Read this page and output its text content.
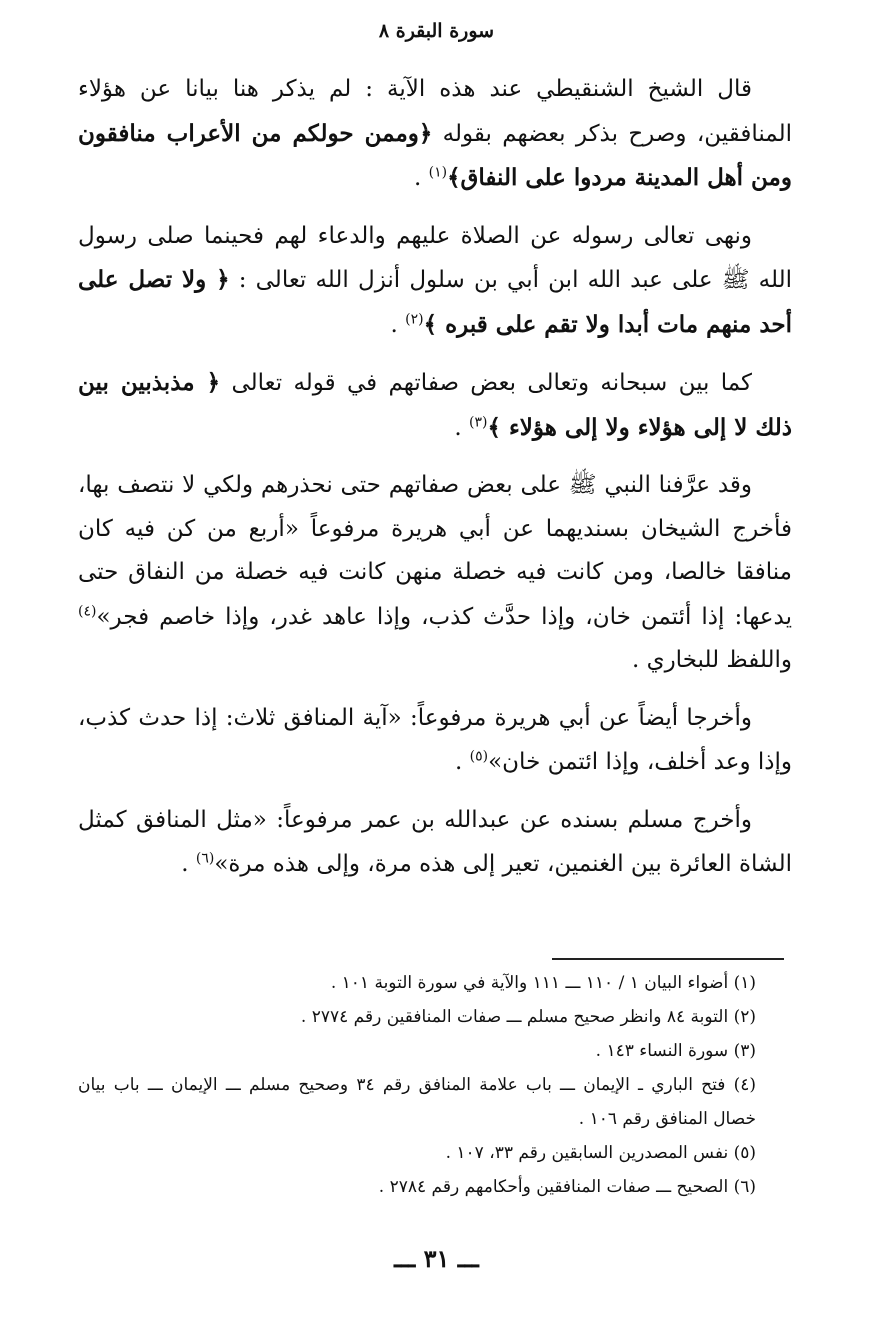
سورة البقرة ٨

قال الشيخ الشنقيطي عند هذه الآية : لم يذكر هنا بيانا عن هؤلاء المنافقين، وصرح بذكر بعضهم بقوله ﴿وممن حولكم من الأعراب منافقون ومن أهل المدينة مردوا على النفاق﴾$^{(١)}$ .

ونهى تعالى رسوله عن الصلاة عليهم والدعاء لهم فحينما صلى رسول الله ﷺ على عبد الله ابن أبي بن سلول أنزل الله تعالى : ﴿ ولا تصل على أحد منهم مات أبدا ولا تقم على قبره ﴾$^{(٢)}$ .

كما بين سبحانه وتعالى بعض صفاتهم في قوله تعالى ﴿ مذبذبين بين ذلك لا إلى هؤلاء ولا إلى هؤلاء ﴾$^{(٣)}$ .

وقد عرَّفنا النبي ﷺ على بعض صفاتهم حتى نحذرهم ولكي لا نتصف بها، فأخرج الشيخان بسنديهما عن أبي هريرة مرفوعاً «أربع من كن فيه كان منافقا خالصا، ومن كانت فيه خصلة منهن كانت فيه خصلة من النفاق حتى يدعها: إذا أئتمن خان، وإذا حدَّث كذب، وإذا عاهد غدر، وإذا خاصم فجر»$^{(٤)}$ واللفظ للبخاري .

وأخرجا أيضاً عن أبي هريرة مرفوعاً: «آية المنافق ثلاث: إذا حدث كذب، وإذا وعد أخلف، وإذا ائتمن خان»$^{(٥)}$ .

وأخرج مسلم بسنده عن عبدالله بن عمر مرفوعاً: «مثل المنافق كمثل الشاة العائرة بين الغنمين، تعير إلى هذه مرة، وإلى هذه مرة»$^{(٦)}$ .

(١) أضواء البيان ١ / ١١٠ ـــ ١١١ والآية في سورة التوبة ١٠١ .

(٢) التوبة ٨٤ وانظر صحيح مسلم ـــ صفات المنافقين رقم ٢٧٧٤ .

(٣) سورة النساء ١٤٣ .

(٤) فتح الباري ـ الإيمان ـــ باب علامة المنافق رقم ٣٤ وصحيح مسلم ـــ الإيمان ـــ باب بيان خصال المنافق رقم ١٠٦ .

(٥) نفس المصدرين السابقين رقم ٣٣، ١٠٧ .

(٦) الصحيح ـــ صفات المنافقين وأحكامهم رقم ٢٧٨٤ .

ـــ ٣١ ـــ
